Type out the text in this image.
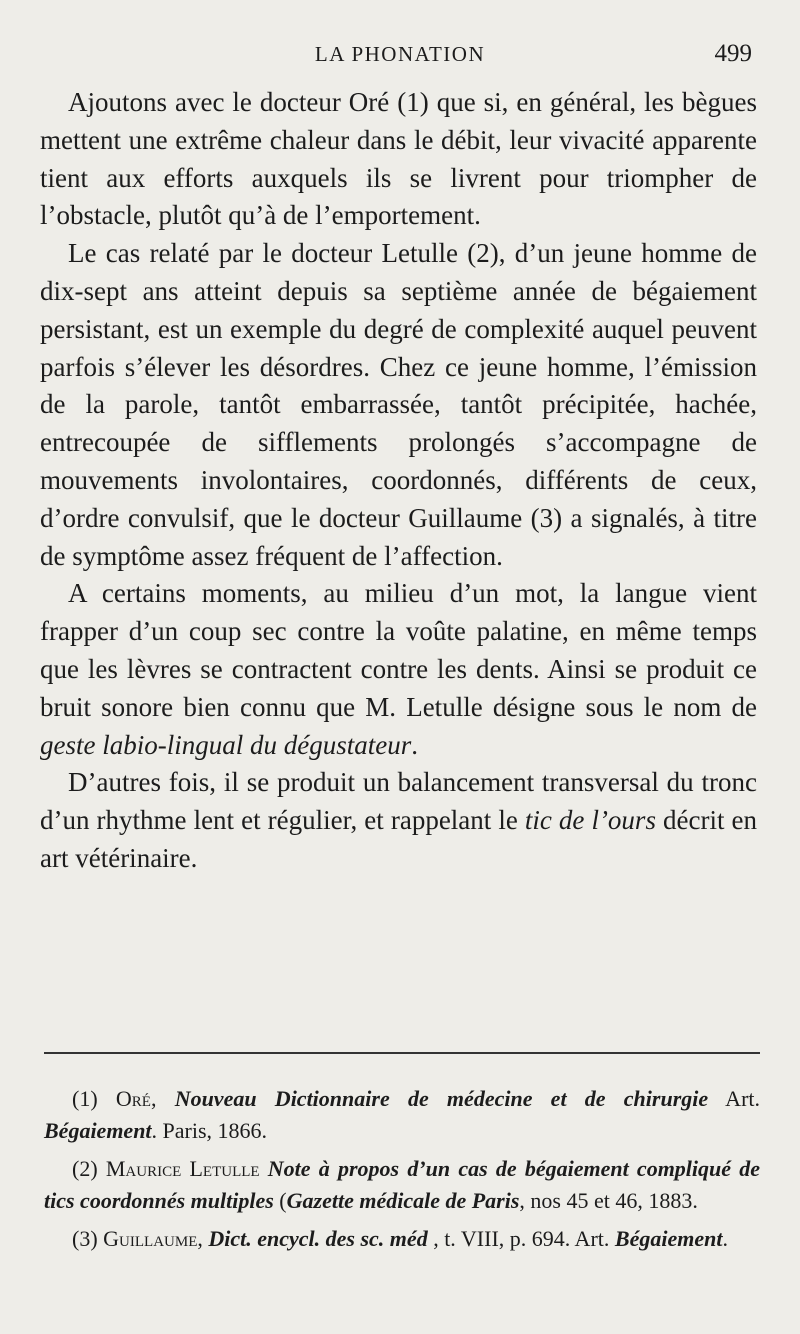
LA PHONATION	499

Ajoutons avec le docteur Oré (1) que si, en général, les bègues mettent une extrême chaleur dans le débit, leur vivacité apparente tient aux efforts auxquels ils se livrent pour triompher de l’obstacle, plutôt qu’à de l’emportement.

Le cas relaté par le docteur Letulle (2), d’un jeune homme de dix-sept ans atteint depuis sa septième année de bégaiement persistant, est un exemple du degré de complexité auquel peuvent parfois s’élever les désordres. Chez ce jeune homme, l’émission de la parole, tantôt embarrassée, tantôt précipitée, hachée, entrecoupée de sifflements prolongés s’accompagne de mouvements involontaires, coordonnés, différents de ceux, d’ordre convulsif, que le docteur Guillaume (3) a signalés, à titre de symptôme assez fréquent de l’affection.

A certains moments, au milieu d’un mot, la langue vient frapper d’un coup sec contre la voûte palatine, en même temps que les lèvres se contractent contre les dents. Ainsi se produit ce bruit sonore bien connu que M. Letulle désigne sous le nom de geste labio-lingual du dégustateur.

D’autres fois, il se produit un balancement transversal du tronc d’un rhythme lent et régulier, et rappelant le tic de l’ours décrit en art vétérinaire.

(1) Oré, Nouveau Dictionnaire de médecine et de chirurgie Art. Bégaiement. Paris, 1866.

(2) Maurice Letulle Note à propos d’un cas de bégaiement compliqué de tics coordonnés multiples (Gazette médicale de Paris, nos 45 et 46, 1883.

(3) Guillaume, Dict. encycl. des sc. méd , t. VIII, p. 694. Art. Bégaiement.
